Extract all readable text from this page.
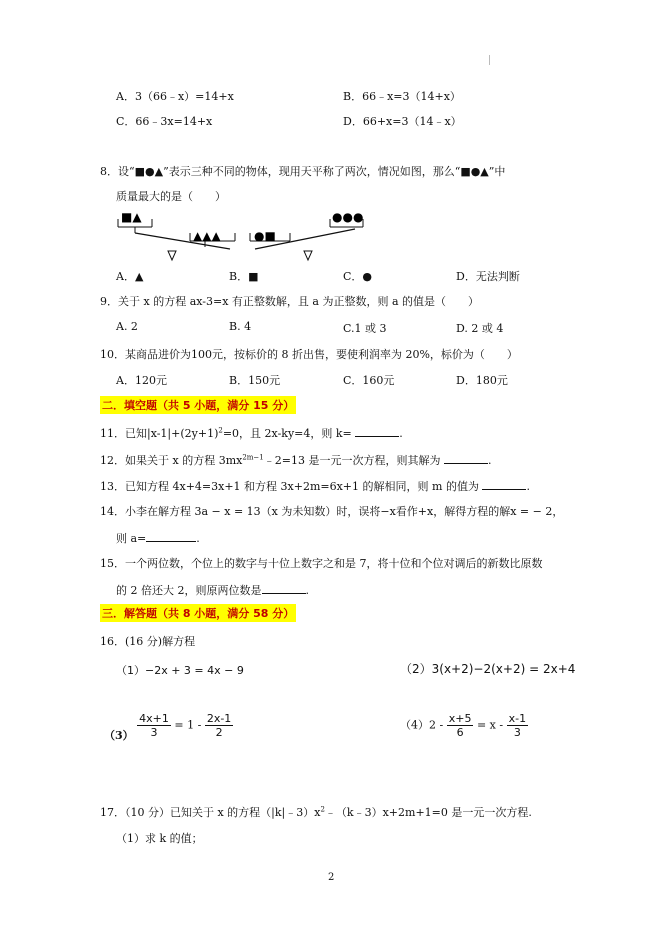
A．3（66﹣x）=14+x	B．66﹣x=3（14+x）
C．66﹣3x=14+x	D．66+x=3（14﹣x）
8．设“■●▲”表示三种不同的物体，现用天平称了两次，情况如图，那么“■●▲”中
质量最大的是（　　）
■▲
▲▲▲	●■
●●●
A．▲	B．■	C．●	D．无法判断
9．关于 x 的方程 ax-3=x 有正整数解，且 a 为正整数，则 a 的值是（　　）
A. 2	B. 4	C.1 或 3	D. 2 或 4
10．某商品进价为100元，按标价的 8 折出售，要使利润率为 20%，标价为（　　）
A．120元	B．150元	C．160元	D．180元
二．填空题（共 5 小题，满分 15 分）
11．已知$|x-1|+(2y+1)^2=0$，且 2x-ky=4，则 k=	.
12．如果关于 x 的方程 $3mx^{2m-1}﹣2=13$ 是一元一次方程，则其解为	.
13．已知方程 4x+4=3x+1 和方程 3x+2m=6x+1 的解相同，则 m 的值为	.
14．小李在解方程 3a − x = 13（x 为未知数）时，误将−x看作+x，解得方程的解x = − 2，
则 a=	.
15．一个两位数，个位上的数字与十位上数字之和是 7，将十位和个位对调后的新数比原数
的 2 倍还大 2，则原两位数是	.
三．解答题（共 8 小题，满分 58 分）
16．(16 分)解方程
（1）−2x + 3 = 4x − 9	（2）3(x+2)−2(x+2) = 2x+4
$(3) \frac{4x+1}{3} = 1 - \frac{2x-1}{2}$	$(4)2 - \frac{x+5}{6} = x - \frac{x-1}{3}$
17．（10 分）已知关于 x 的方程$(|k|﹣3)x^2﹣(k﹣3)x+2m+1=0$ 是一元一次方程.
（1）求 k 的值；
2
